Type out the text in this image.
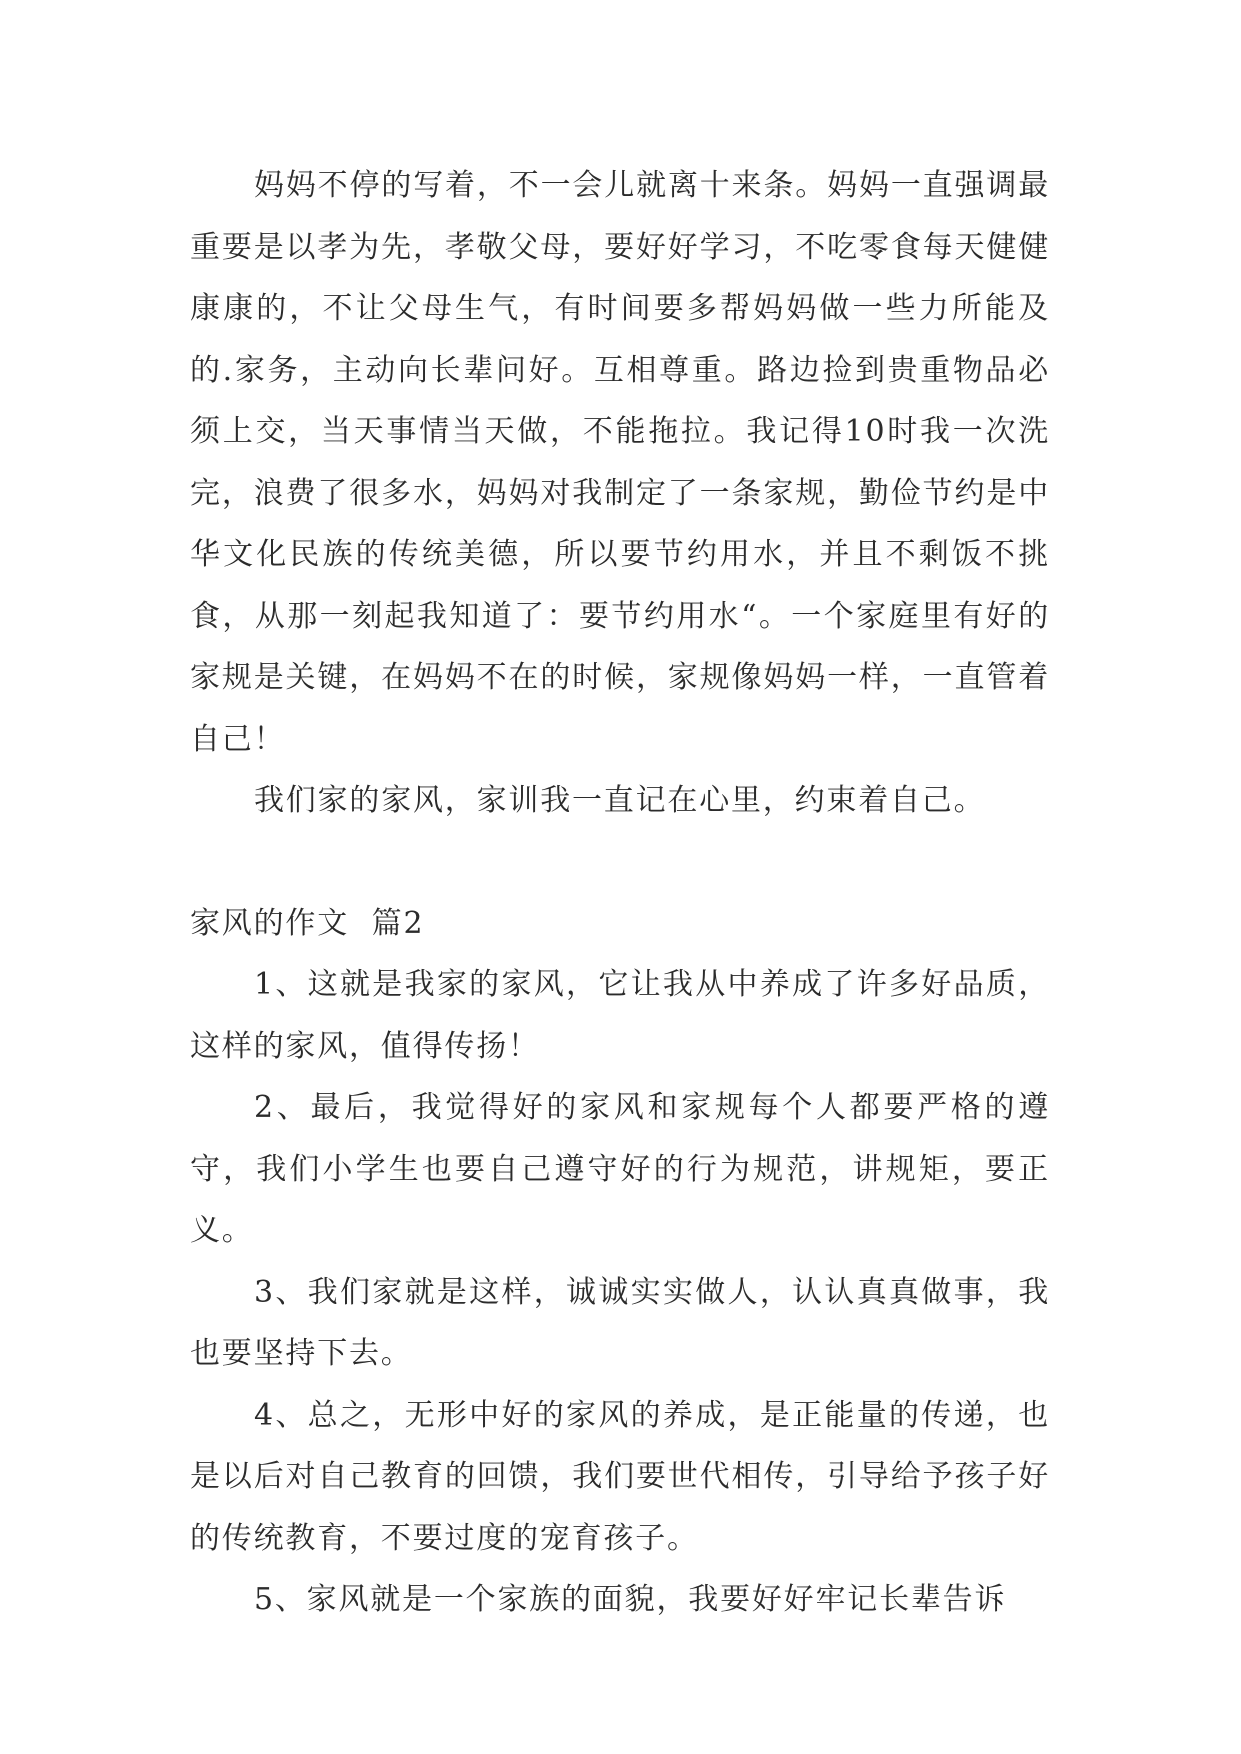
妈妈不停的写着，不一会儿就离十来条。妈妈一直强调最重要是以孝为先，孝敬父母，要好好学习，不吃零食每天健健康康的，不让父母生气，有时间要多帮妈妈做一些力所能及的.家务，主动向长辈问好。互相尊重。路边捡到贵重物品必须上交，当天事情当天做，不能拖拉。我记得10时我一次洗完，浪费了很多水，妈妈对我制定了一条家规，勤俭节约是中华文化民族的传统美德，所以要节约用水，并且不剩饭不挑食，从那一刻起我知道了：要节约用水“。一个家庭里有好的家规是关键，在妈妈不在的时候，家规像妈妈一样，一直管着自己！

我们家的家风，家训我一直记在心里，约束着自己。

家风的作文  篇2

1、这就是我家的家风，它让我从中养成了许多好品质，这样的家风，值得传扬！

2、最后，我觉得好的家风和家规每个人都要严格的遵守，我们小学生也要自己遵守好的行为规范，讲规矩，要正义。

3、我们家就是这样，诚诚实实做人，认认真真做事，我也要坚持下去。

4、总之，无形中好的家风的养成，是正能量的传递，也是以后对自己教育的回馈，我们要世代相传，引导给予孩子好的传统教育，不要过度的宠育孩子。

5、家风就是一个家族的面貌，我要好好牢记长辈告诉
